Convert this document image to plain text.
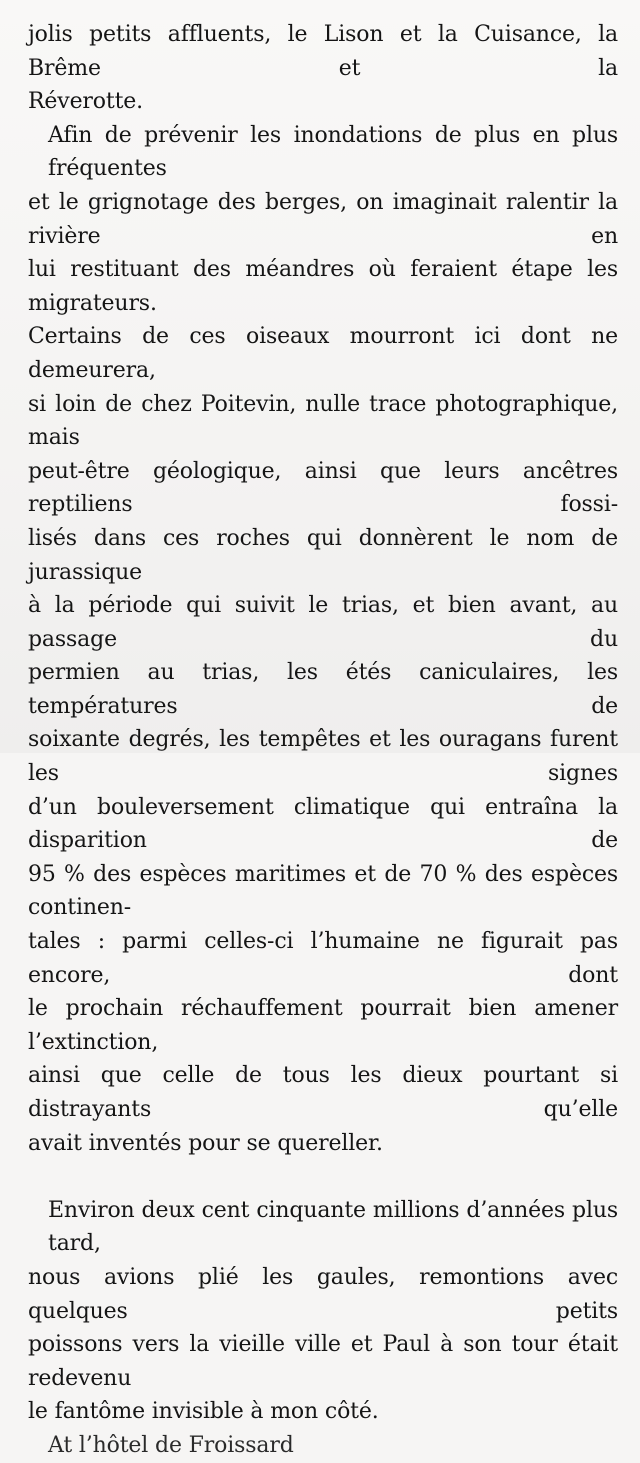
jolis petits affluents, le Lison et la Cuisance, la Brême et la
Réverotte.
Afin de prévenir les inondations de plus en plus fréquentes
et le grignotage des berges, on imaginait ralentir la rivière en
lui restituant des méandres où feraient étape les migrateurs.
Certains de ces oiseaux mourront ici dont ne demeurera,
si loin de chez Poitevin, nulle trace photographique, mais
peut-être géologique, ainsi que leurs ancêtres reptiliens fossi-
lisés dans ces roches qui donnèrent le nom de jurassique
à la période qui suivit le trias, et bien avant, au passage du
permien au trias, les étés caniculaires, les températures de
soixante degrés, les tempêtes et les ouragans furent les signes
d’un bouleversement climatique qui entraîna la disparition de
95 % des espèces maritimes et de 70 % des espèces continen-
tales : parmi celles-ci l’humaine ne figurait pas encore, dont
le prochain réchauffement pourrait bien amener l’extinction,
ainsi que celle de tous les dieux pourtant si distrayants qu’elle
avait inventés pour se quereller.
Environ deux cent cinquante millions d’années plus tard,
nous avions plié les gaules, remontions avec quelques petits
poissons vers la vieille ville et Paul à son tour était redevenu
le fantôme invisible à mon côté.
At l’hôtel de Froissard
